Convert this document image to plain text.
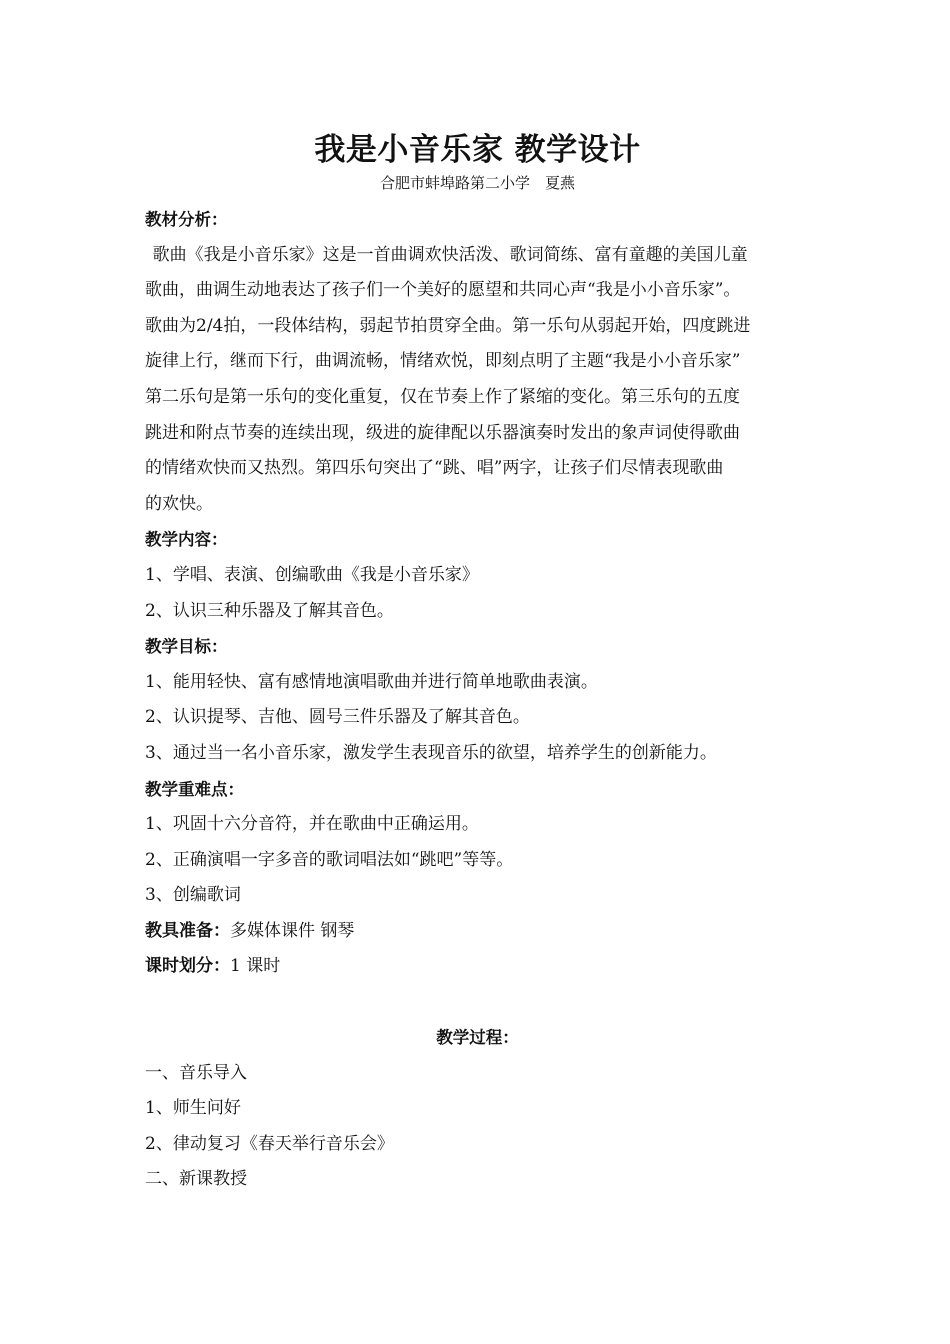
我是小音乐家 教学设计

合肥市蚌埠路第二小学　夏燕

教材分析：

歌曲《我是小音乐家》这是一首曲调欢快活泼、歌词简练、富有童趣的美国儿童

歌曲，曲调生动地表达了孩子们一个美好的愿望和共同心声“我是小小音乐家”。

歌曲为2/4拍，一段体结构，弱起节拍贯穿全曲。第一乐句从弱起开始，四度跳进

旋律上行，继而下行，曲调流畅，情绪欢悦，即刻点明了主题“我是小小音乐家”

第二乐句是第一乐句的变化重复，仅在节奏上作了紧缩的变化。第三乐句的五度

跳进和附点节奏的连续出现，级进的旋律配以乐器演奏时发出的象声词使得歌曲

的情绪欢快而又热烈。第四乐句突出了“跳、唱”两字，让孩子们尽情表现歌曲

的欢快。

教学内容：

1、学唱、表演、创编歌曲《我是小音乐家》

2、认识三种乐器及了解其音色。

教学目标：

1、能用轻快、富有感情地演唱歌曲并进行简单地歌曲表演。

2、认识提琴、吉他、圆号三件乐器及了解其音色。

3、通过当一名小音乐家，激发学生表现音乐的欲望，培养学生的创新能力。

教学重难点：

1、巩固十六分音符，并在歌曲中正确运用。

2、正确演唱一字多音的歌词唱法如“跳吧”等等。

3、创编歌词

教具准备：多媒体课件 钢琴

课时划分：1 课时

教学过程：

一、音乐导入

1、师生问好

2、律动复习《春天举行音乐会》

二、新课教授
